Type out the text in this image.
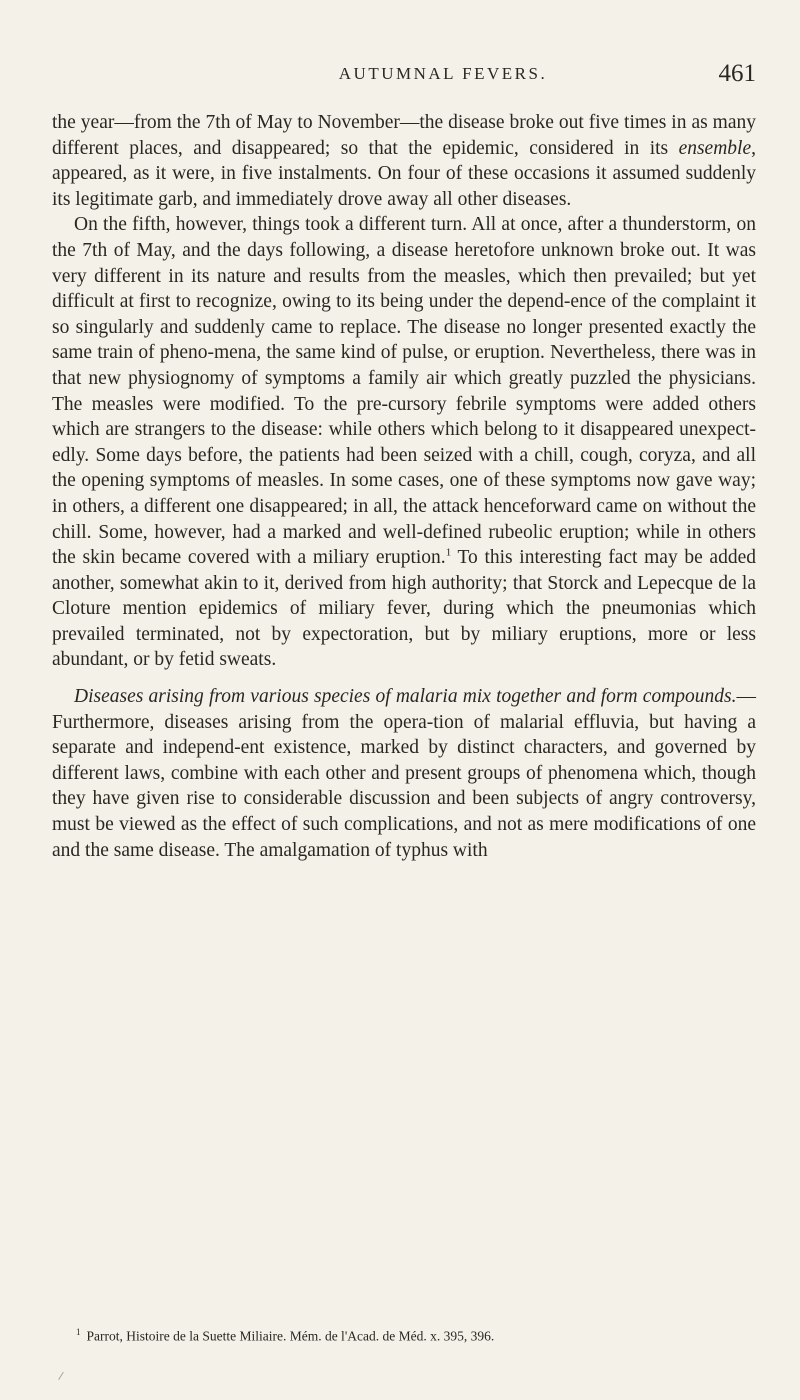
AUTUMNAL FEVERS.	461

the year—from the 7th of May to November—the disease broke out five times in as many different places, and disappeared; so that the epidemic, considered in its ensemble, appeared, as it were, in five instalments. On four of these occasions it assumed suddenly its legitimate garb, and immediately drove away all other diseases.

On the fifth, however, things took a different turn. All at once, after a thunderstorm, on the 7th of May, and the days following, a disease heretofore unknown broke out. It was very different in its nature and results from the measles, which then prevailed; but yet difficult at first to recognize, owing to its being under the depend-ence of the complaint it so singularly and suddenly came to replace. The disease no longer presented exactly the same train of pheno-mena, the same kind of pulse, or eruption. Nevertheless, there was in that new physiognomy of symptoms a family air which greatly puzzled the physicians. The measles were modified. To the pre-cursory febrile symptoms were added others which are strangers to the disease: while others which belong to it disappeared unexpect-edly. Some days before, the patients had been seized with a chill, cough, coryza, and all the opening symptoms of measles. In some cases, one of these symptoms now gave way; in others, a different one disappeared; in all, the attack henceforward came on without the chill. Some, however, had a marked and well-defined rubeolic eruption; while in others the skin became covered with a miliary eruption.$^1$ To this interesting fact may be added another, somewhat akin to it, derived from high authority; that Storck and Lepecque de la Cloture mention epidemics of miliary fever, during which the pneumonias which prevailed terminated, not by expectoration, but by miliary eruptions, more or less abundant, or by fetid sweats.

Diseases arising from various species of malaria mix together and form compounds.—Furthermore, diseases arising from the opera-tion of malarial effluvia, but having a separate and independ-ent existence, marked by distinct characters, and governed by different laws, combine with each other and present groups of phenomena which, though they have given rise to considerable discussion and been subjects of angry controversy, must be viewed as the effect of such complications, and not as mere modifications of one and the same disease. The amalgamation of typhus with

$^1$ Parrot, Histoire de la Suette Miliaire. Mém. de l'Acad. de Méd. x. 395, 396.
